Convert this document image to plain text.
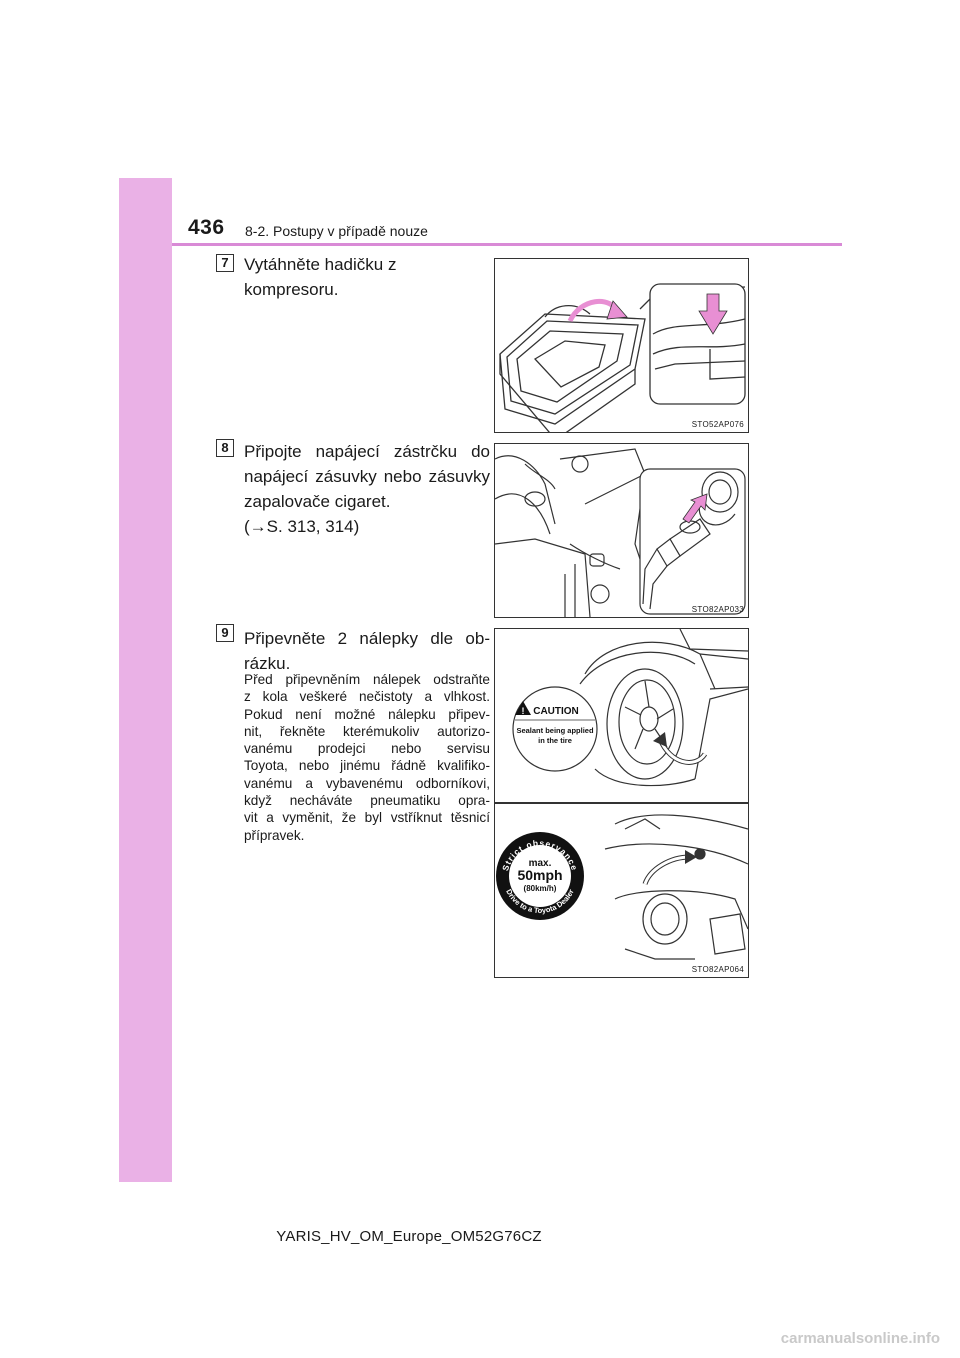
436 8-2. Postupy v případě nouze
7 Vytáhněte hadičku z kompresoru.
STO52AP076
8 Připojte napájecí zástrčku do
napájecí zásuvky nebo zásuvky
zapalovače cigaret.
(→S. 313, 314)
STO82AP033
9 Připevněte 2 nálepky dle ob-
rázku.
Před připevněním nálepek odstraňte
z kola veškeré nečistoty a vlhkost.
Pokud není možné nálepku připev-
nit, řekněte kterémukoliv autorizo-
vanému prodejci nebo servisu
Toyota, nebo jinému řádně kvalifiko-
vanému a vybavenému odborníkovi,
když necháváte pneumatiku opra-
vit a vyměnit, že byl vstříknut těsnicí
přípravek.
! CAUTION
Sealant being applied
in the tire
Strict observance
Drive to a Toyota Dealer
max.
50mph
(80km/h)
STO82AP064
YARIS_HV_OM_Europe_OM52G76CZ
carmanualsonline.info
